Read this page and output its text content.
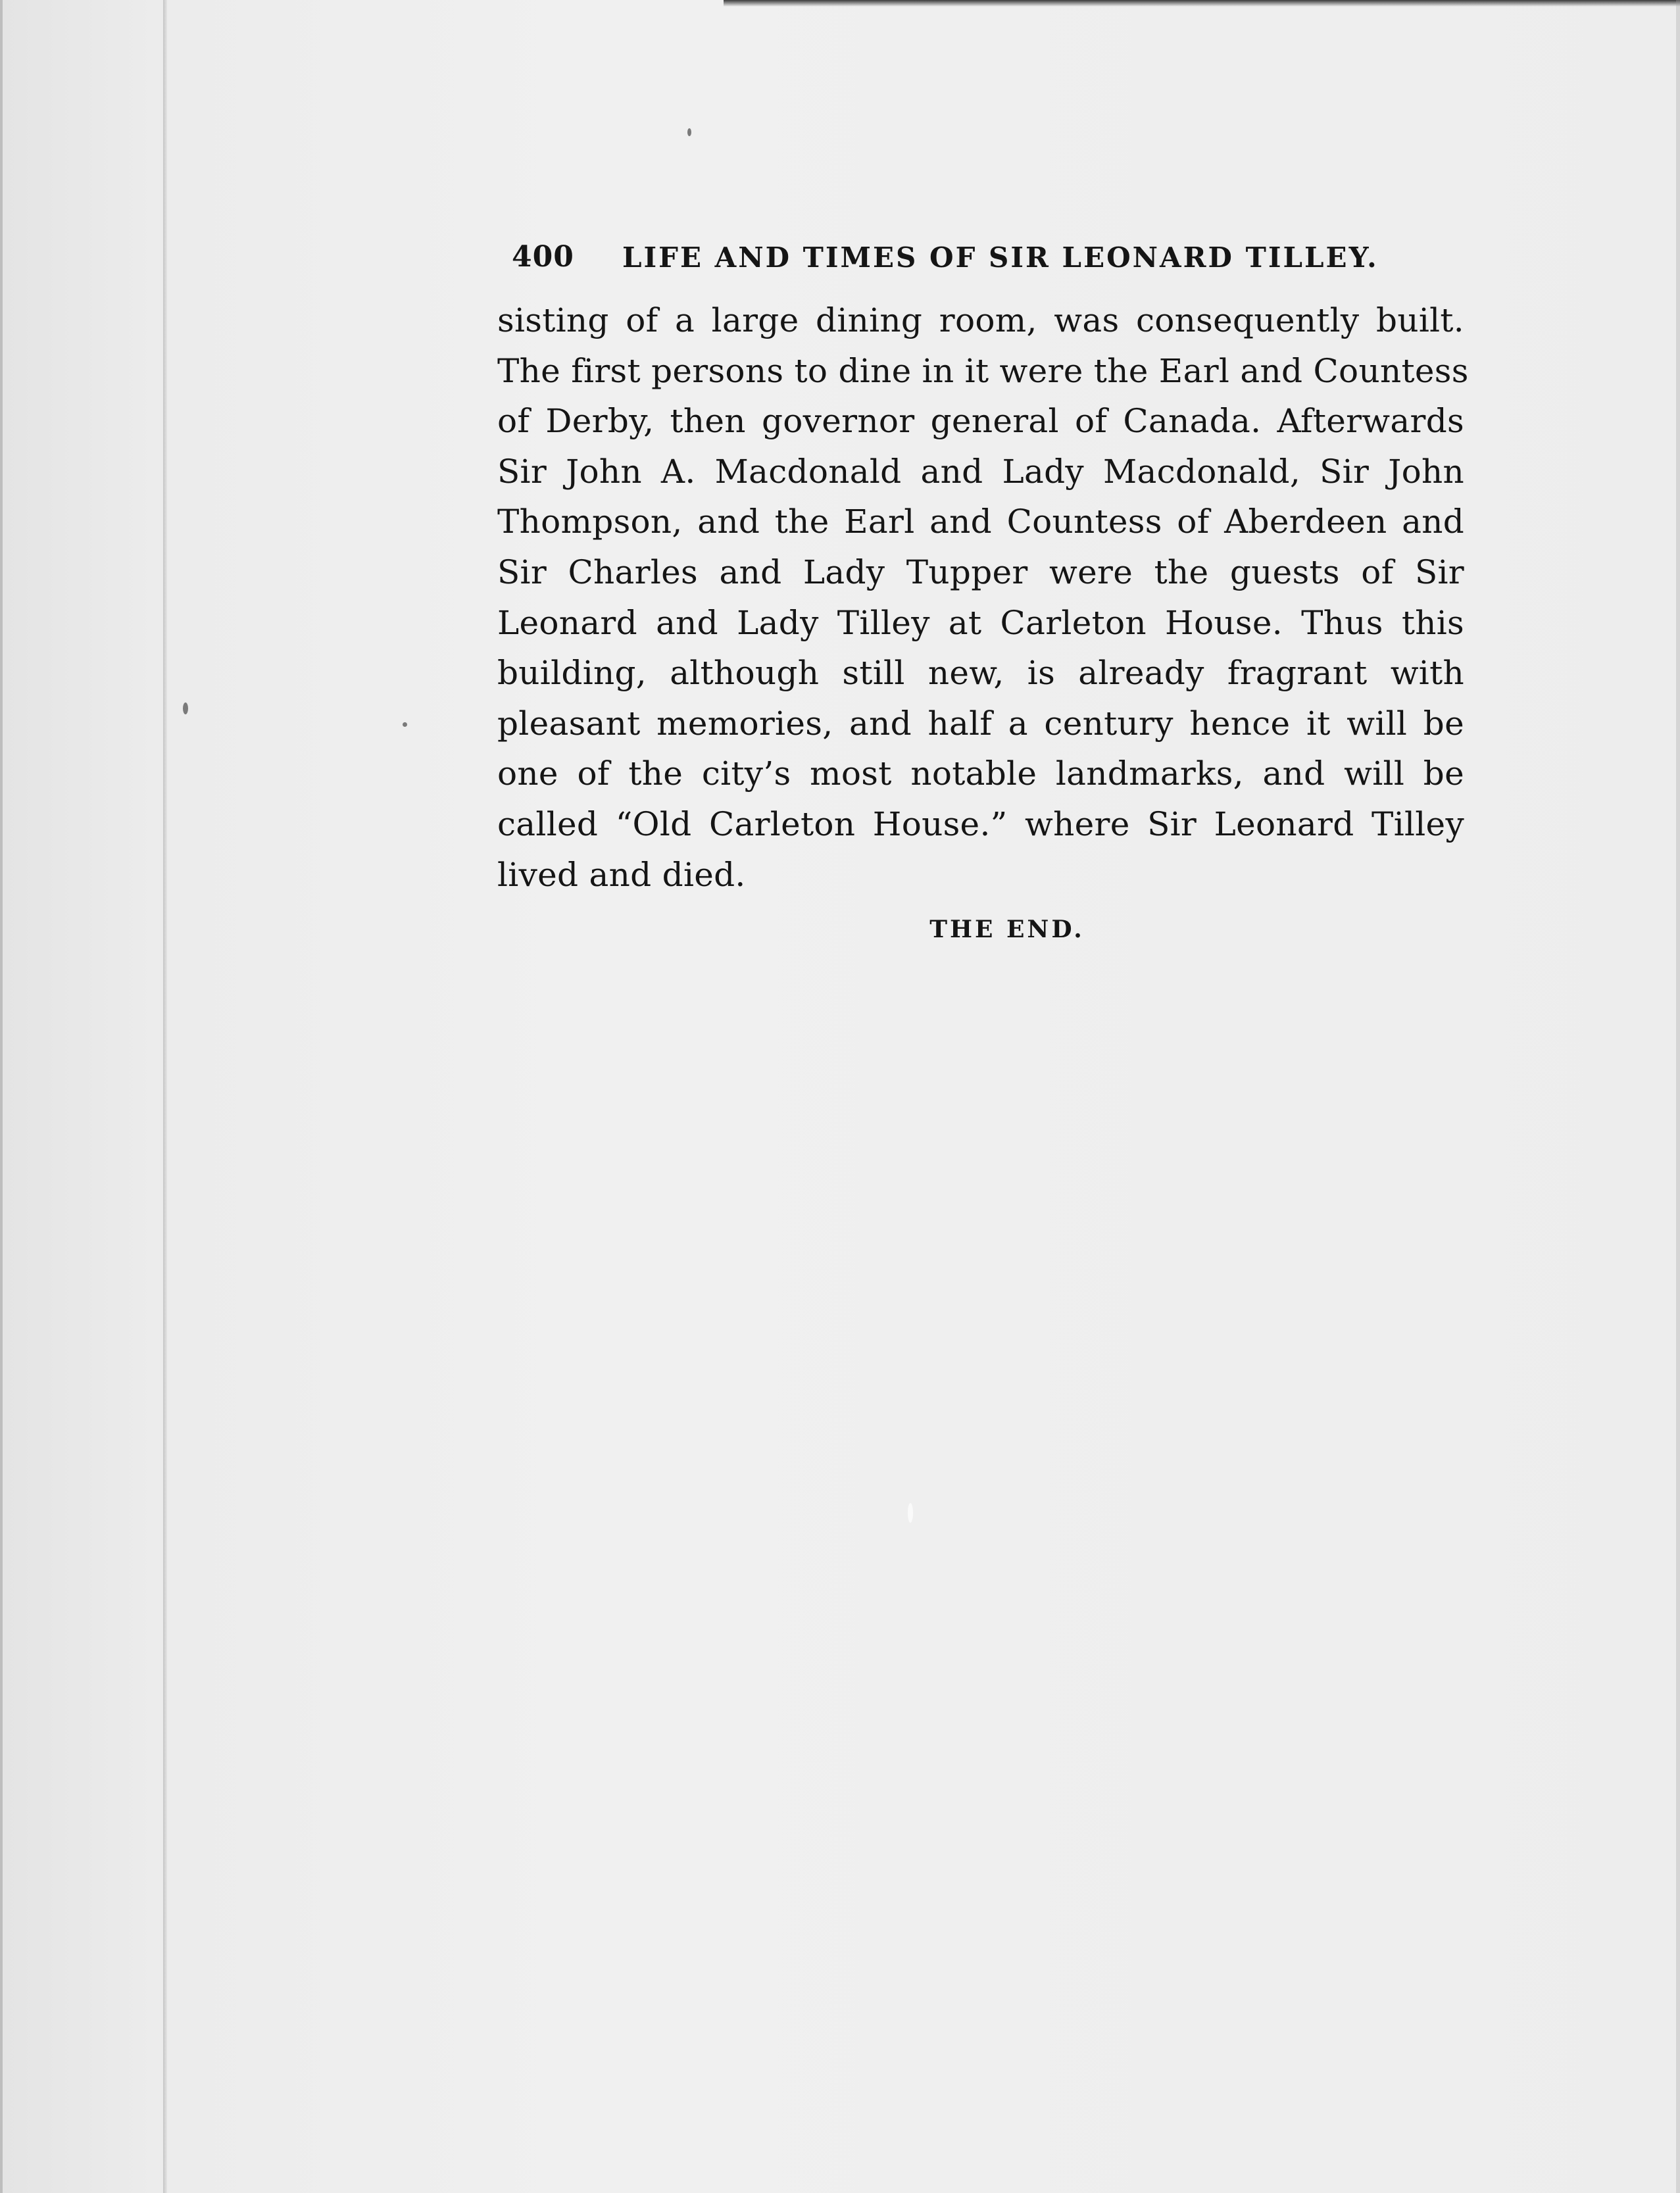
400 LIFE AND TIMES OF SIR LEONARD TILLEY.
sisting of a large dining room, was consequently built.
The first persons to dine in it were the Earl and Countess
of Derby, then governor general of Canada. Afterwards
Sir John A. Macdonald and Lady Macdonald, Sir John
Thompson, and the Earl and Countess of Aberdeen and
Sir Charles and Lady Tupper were the guests of Sir
Leonard and Lady Tilley at Carleton House. Thus this
building, although still new, is already fragrant with
pleasant memories, and half a century hence it will be
one of the city’s most notable landmarks, and will be
called “Old Carleton House.” where Sir Leonard Tilley
lived and died.
THE END.
